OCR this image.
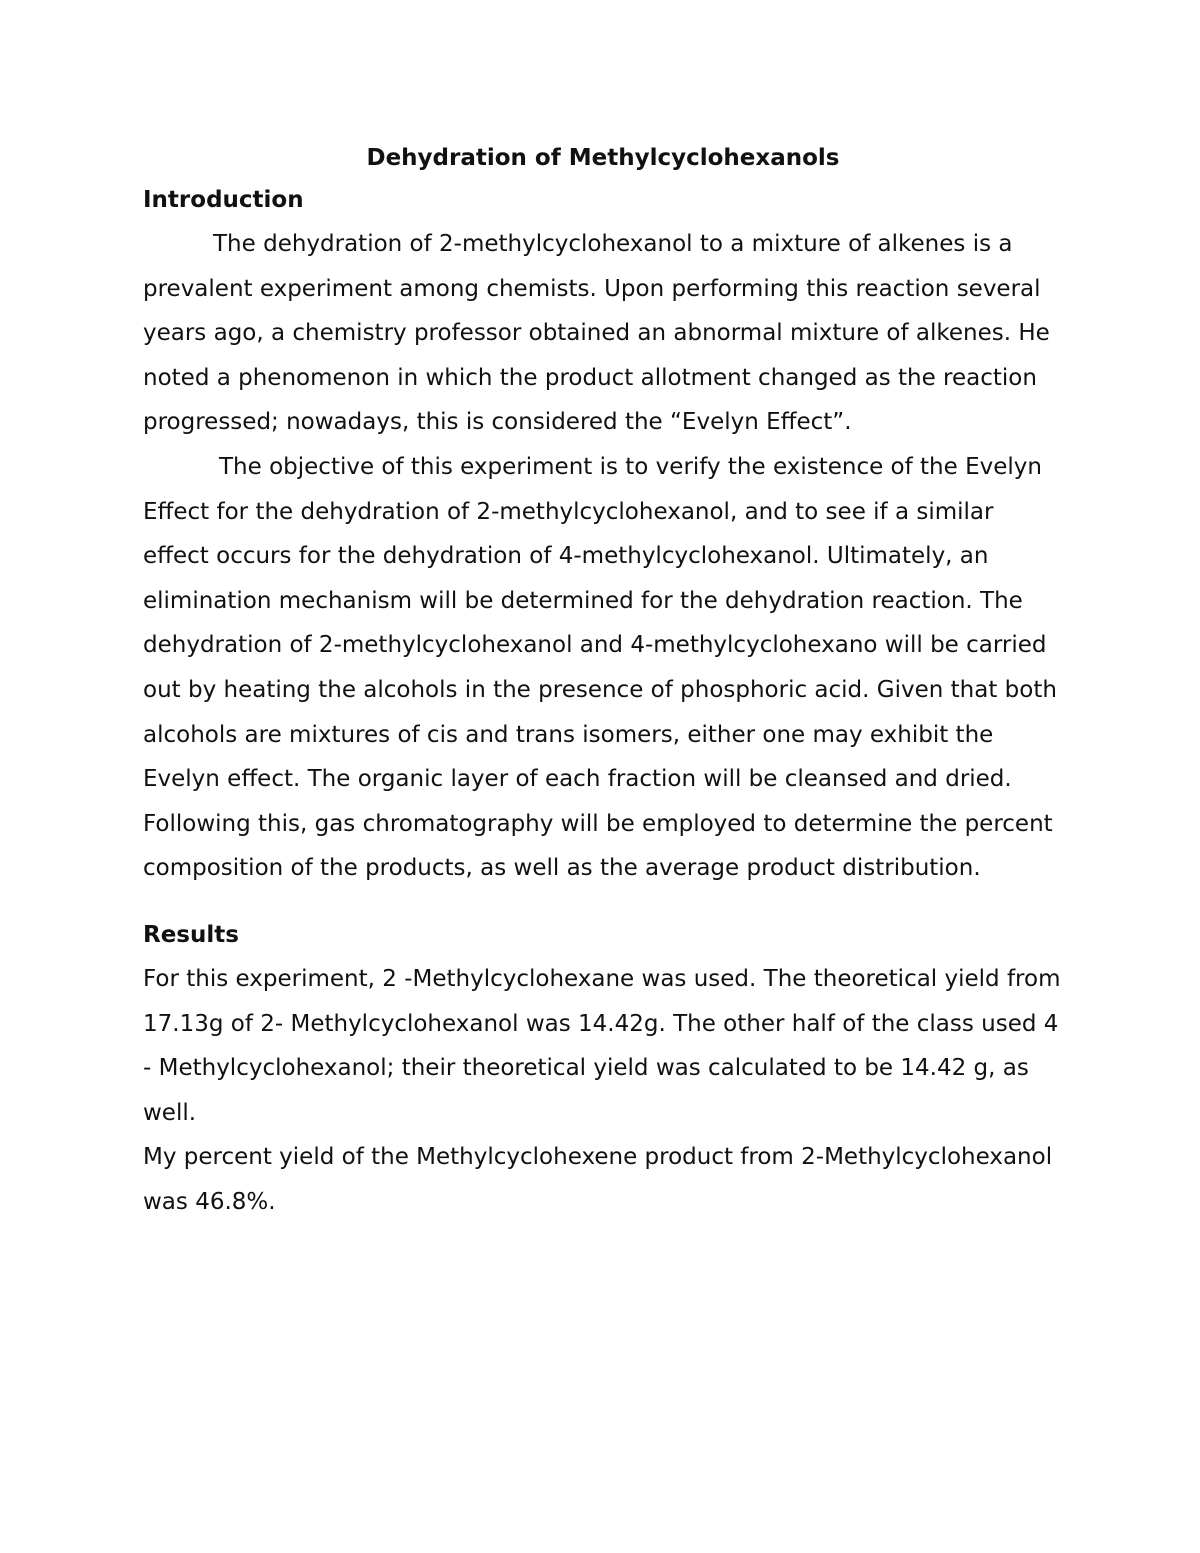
Dehydration of Methylcyclohexanols
Introduction

The dehydration of 2-methylcyclohexanol to a mixture of alkenes is a prevalent experiment among chemists. Upon performing this reaction several years ago, a chemistry professor obtained an abnormal mixture of alkenes. He noted a phenomenon in which the product allotment changed as the reaction progressed; nowadays, this is considered the “Evelyn Effect”.

The objective of this experiment is to verify the existence of the Evelyn Effect for the dehydration of 2-methylcyclohexanol, and to see if a similar effect occurs for the dehydration of 4-methylcyclohexanol. Ultimately, an elimination mechanism will be determined for the dehydration reaction. The dehydration of 2-methylcyclohexanol and 4-methylcyclohexano will be carried out by heating the alcohols in the presence of phosphoric acid. Given that both alcohols are mixtures of cis and trans isomers, either one may exhibit the Evelyn effect. The organic layer of each fraction will be cleansed and dried. Following this, gas chromatography will be employed to determine the percent composition of the products, as well as the average product distribution.

Results

For this experiment, 2 -Methylcyclohexane was used. The theoretical yield from 17.13g of 2- Methylcyclohexanol was 14.42g. The other half of the class used 4 - Methylcyclohexanol; their theoretical yield was calculated to be 14.42 g, as well.

My percent yield of the Methylcyclohexene product from 2-Methylcyclohexanol was 46.8%.
